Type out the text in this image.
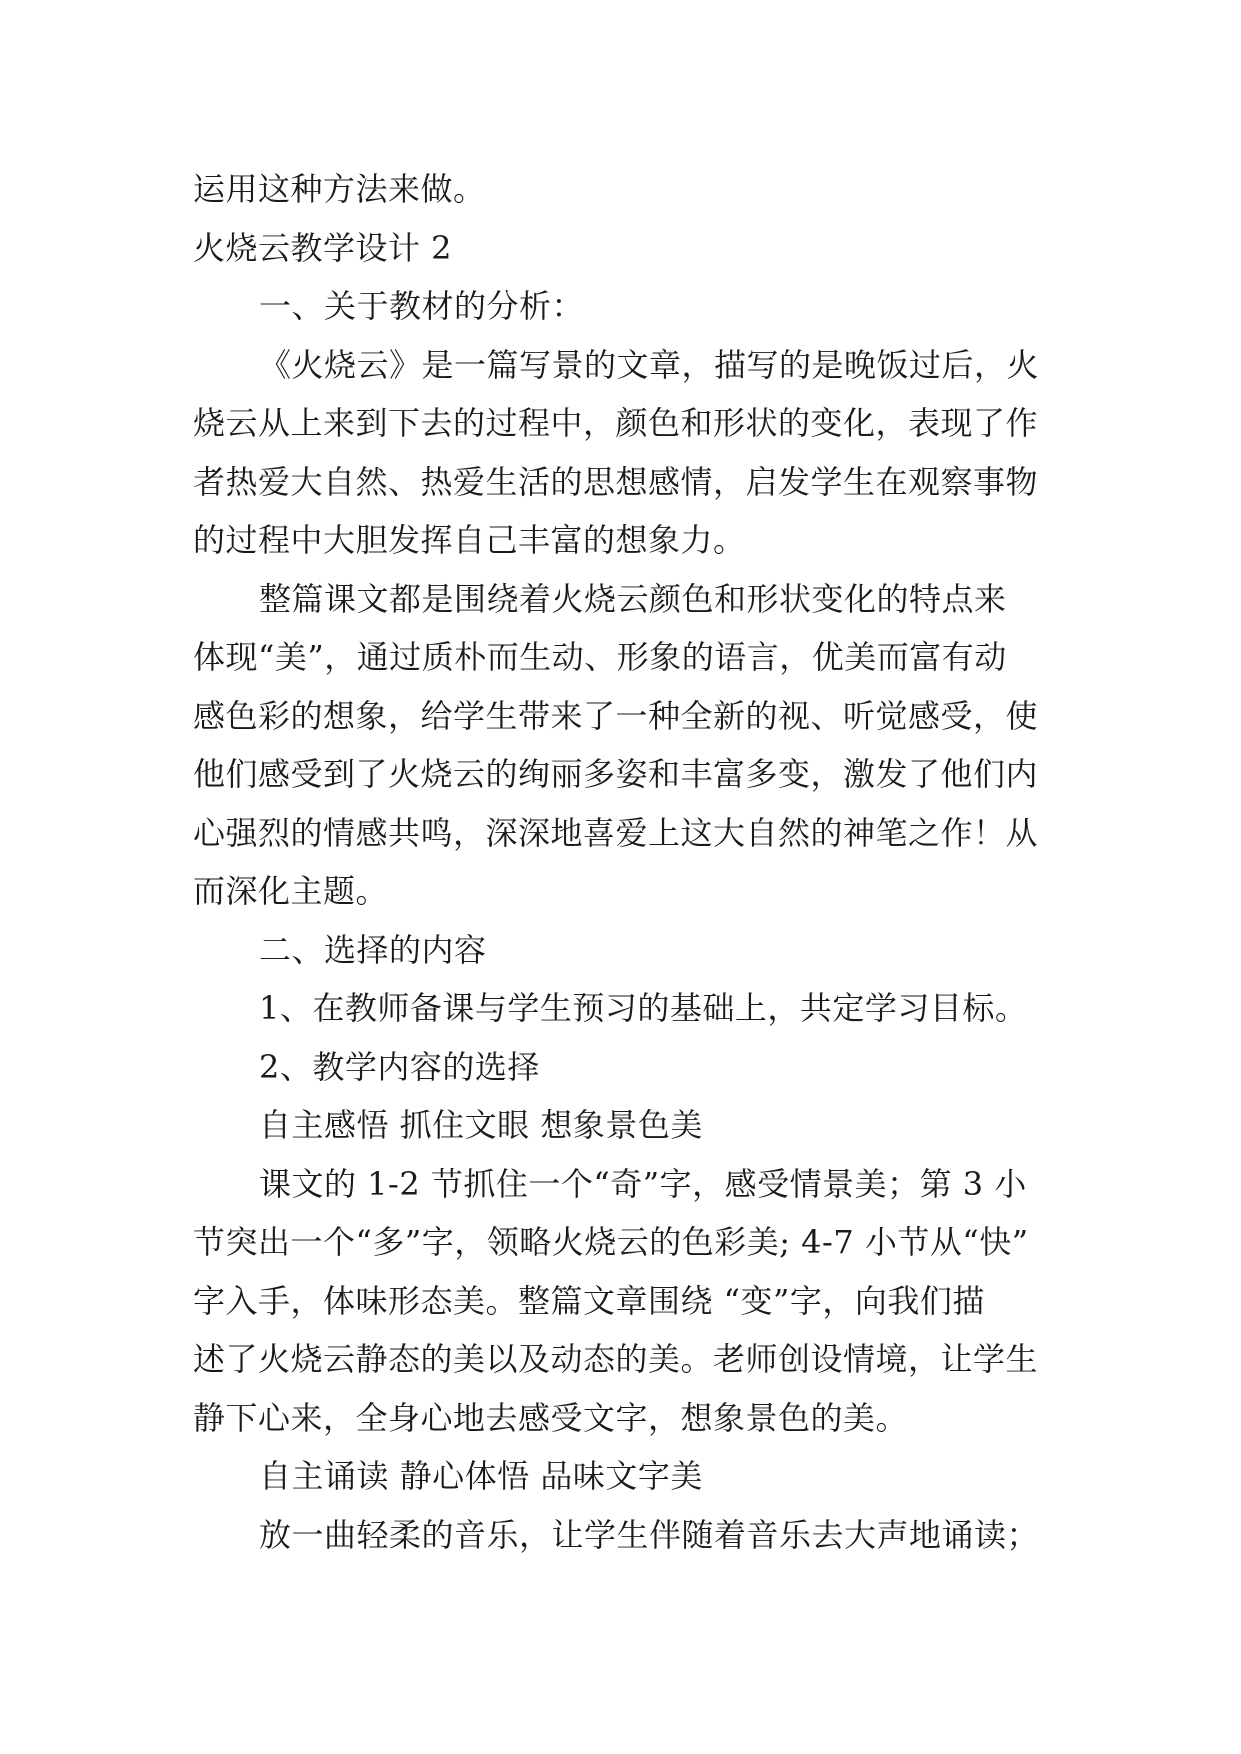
运用这种方法来做。

火烧云教学设计 2

一、关于教材的分析：

《火烧云》是一篇写景的文章，描写的是晚饭过后，火

烧云从上来到下去的过程中，颜色和形状的变化，表现了作

者热爱大自然、热爱生活的思想感情，启发学生在观察事物

的过程中大胆发挥自己丰富的想象力。

整篇课文都是围绕着火烧云颜色和形状变化的特点来

体现“美”，通过质朴而生动、形象的语言，优美而富有动

感色彩的想象，给学生带来了一种全新的视、听觉感受，使

他们感受到了火烧云的绚丽多姿和丰富多变，激发了他们内

心强烈的情感共鸣，深深地喜爱上这大自然的神笔之作！从

而深化主题。

二、选择的内容

1、在教师备课与学生预习的基础上，共定学习目标。

2、教学内容的选择

自主感悟 抓住文眼 想象景色美

课文的 1-2 节抓住一个“奇”字，感受情景美；第 3 小

节突出一个“多”字，领略火烧云的色彩美; 4-7 小节从“快”

字入手，体味形态美。整篇文章围绕 “变”字，向我们描

述了火烧云静态的美以及动态的美。老师创设情境，让学生

静下心来，全身心地去感受文字，想象景色的美。

自主诵读 静心体悟 品味文字美

放一曲轻柔的音乐，让学生伴随着音乐去大声地诵读；
